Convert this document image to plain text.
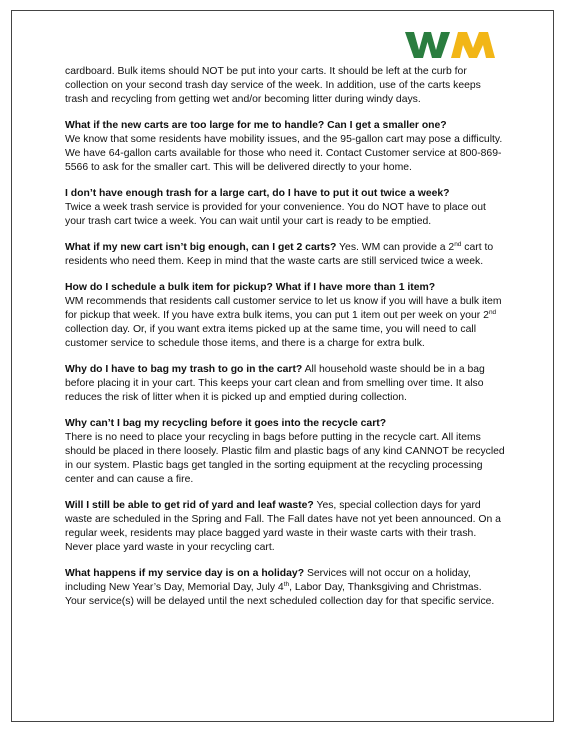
cardboard. Bulk items should NOT be put into your carts. It should be left at the curb for collection on your second trash day service of the week. In addition, use of the carts keeps trash and recycling from getting wet and/or becoming litter during windy days.

What if the new carts are too large for me to handle? Can I get a smaller one?
We know that some residents have mobility issues, and the 95-gallon cart may pose a difficulty. We have 64-gallon carts available for those who need it. Contact Customer service at 800-869-5566 to ask for the smaller cart. This will be delivered directly to your home.

I don’t have enough trash for a large cart, do I have to put it out twice a week?
Twice a week trash service is provided for your convenience. You do NOT have to place out your trash cart twice a week. You can wait until your cart is ready to be emptied.

What if my new cart isn’t big enough, can I get 2 carts? Yes. WM can provide a 2nd cart to residents who need them. Keep in mind that the waste carts are still serviced twice a week.

How do I schedule a bulk item for pickup? What if I have more than 1 item?
WM recommends that residents call customer service to let us know if you will have a bulk item for pickup that week. If you have extra bulk items, you can put 1 item out per week on your 2nd collection day. Or, if you want extra items picked up at the same time, you will need to call customer service to schedule those items, and there is a charge for extra bulk.

Why do I have to bag my trash to go in the cart? All household waste should be in a bag before placing it in your cart. This keeps your cart clean and from smelling over time. It also reduces the risk of litter when it is picked up and emptied during collection.

Why can’t I bag my recycling before it goes into the recycle cart?
There is no need to place your recycling in bags before putting in the recycle cart. All items should be placed in there loosely. Plastic film and plastic bags of any kind CANNOT be recycled in our system. Plastic bags get tangled in the sorting equipment at the recycling processing center and can cause a fire.

Will I still be able to get rid of yard and leaf waste? Yes, special collection days for yard waste are scheduled in the Spring and Fall. The Fall dates have not yet been announced. On a regular week, residents may place bagged yard waste in their waste carts with their trash. Never place yard waste in your recycling cart.

What happens if my service day is on a holiday? Services will not occur on a holiday, including New Year’s Day, Memorial Day, July 4th, Labor Day, Thanksgiving and Christmas. Your service(s) will be delayed until the next scheduled collection day for that specific service.
